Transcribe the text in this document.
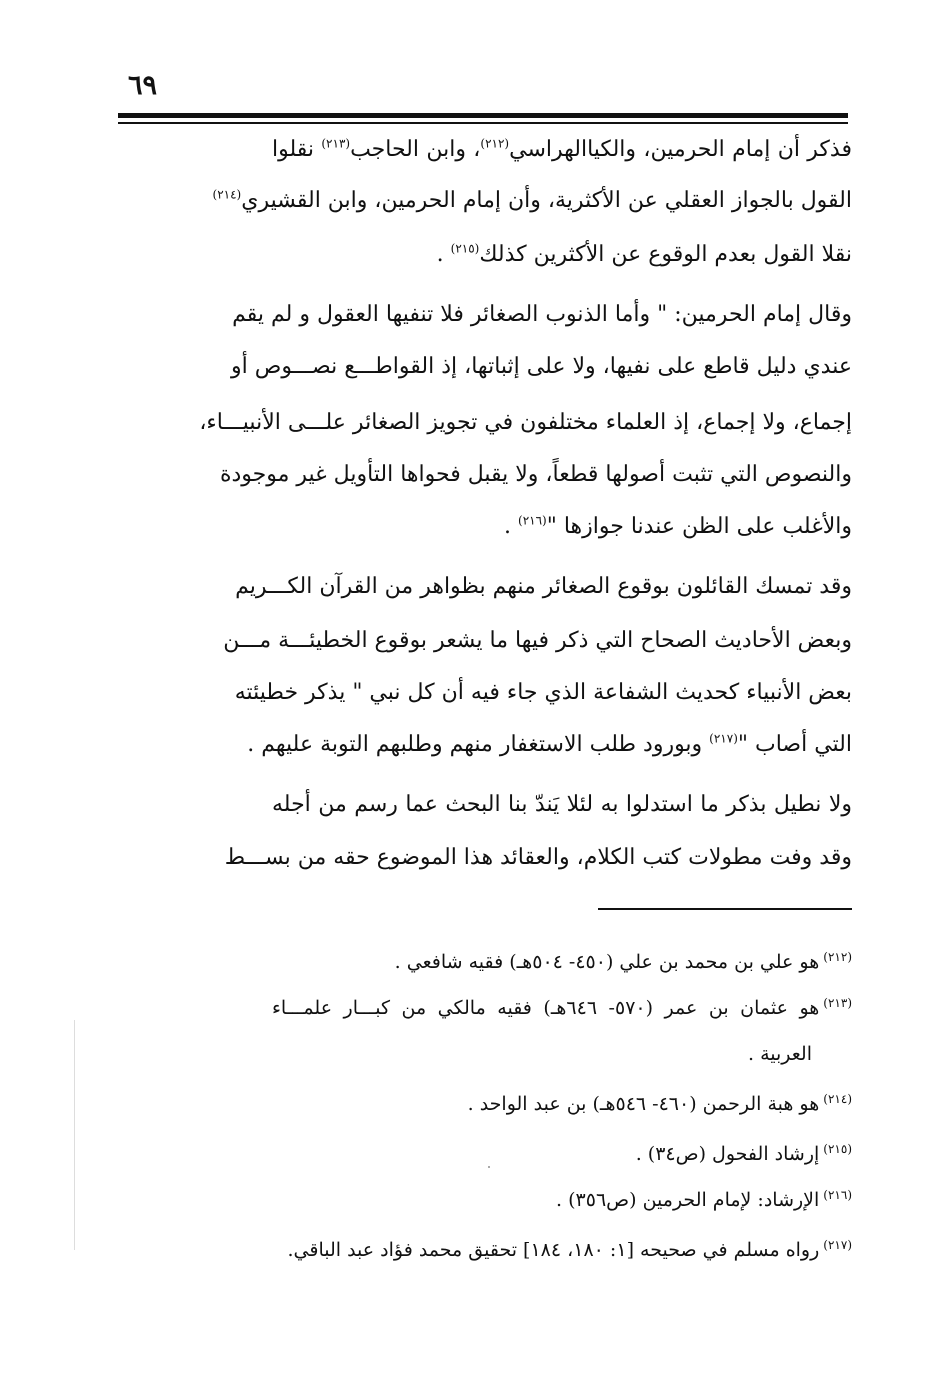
٦٩
فذكر أن إمام الحرمين، والكياالهراسي$^{(٢١٢)}$، وابن الحاجب$^{(٢١٣)}$ نقلوا
القول بالجواز العقلي عن الأكثرية، وأن إمام الحرمين، وابن القشيري$^{(٢١٤)}$
نقلا القول بعدم الوقوع عن الأكثرين كذلك$^{(٢١٥)}$ .
وقال إمام الحرمين: " وأما الذنوب الصغائر فلا تنفيها العقول و لم يقم
عندي دليل قاطع على نفيها، ولا على إثباتها، إذ القواطـــع نصـــوص أو
إجماع، ولا إجماع، إذ العلماء مختلفون في تجويز الصغائر علـــى الأنبيـــاء،
والنصوص التي تثبت أصولها قطعاً، ولا يقبل فحواها التأويل غير موجودة
والأغلب على الظن عندنا جوازها "$^{(٢١٦)}$ .
وقد تمسك القائلون بوقوع الصغائر منهم بظواهر من القرآن الكـــريم
وبعض الأحاديث الصحاح التي ذكر فيها ما يشعر بوقوع الخطيئـــة مـــن
بعض الأنبياء كحديث الشفاعة الذي جاء فيه أن كل نبي " يذكر خطيئته
التي أصاب "$^{(٢١٧)}$ وبورود طلب الاستغفار منهم وطلبهم التوبة عليهم .
ولا نطيل بذكر ما استدلوا به لئلا يَندّ بنا البحث عما رسم من أجله
وقد وفت مطولات كتب الكلام، والعقائد هذا الموضوع حقه من بســـط
$^{(٢١٢)}$هو علي بن محمد بن علي (٤٥٠- ٥٠٤هـ) فقيه شافعي .
$^{(٢١٣)}$هو عثمان بن عمر (٥٧٠- ٦٤٦هـ) فقيه مالكي من كبـــار علمـــاء
العربية .
$^{(٢١٤)}$هو هبة الرحمن (٤٦٠- ٥٤٦هـ) بن عبد الواحد .
$^{(٢١٥)}$إرشاد الفحول (ص٣٤) .
$^{(٢١٦)}$الإرشاد: لإمام الحرمين (ص٣٥٦) .
$^{(٢١٧)}$رواه مسلم في صحيحه [١: ١٨٠، ١٨٤] تحقيق محمد فؤاد عبد الباقي.
